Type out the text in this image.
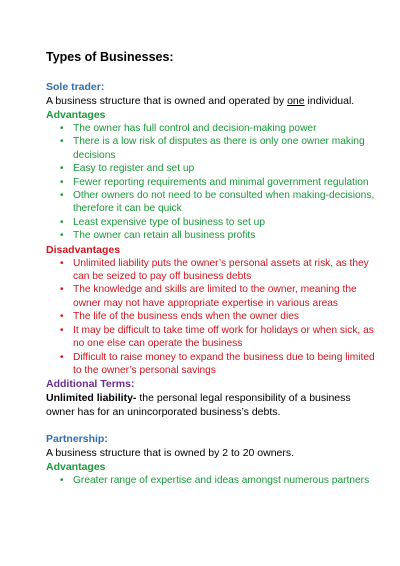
Types of Businesses:
Sole trader:
A business structure that is owned and operated by one individual.
Advantages
• The owner has full control and decision-making power
• There is a low risk of disputes as there is only one owner making decisions
• Easy to register and set up
• Fewer reporting requirements and minimal government regulation
• Other owners do not need to be consulted when making-decisions, therefore it can be quick
• Least expensive type of business to set up
• The owner can retain all business profits
Disadvantages
• Unlimited liability puts the owner’s personal assets at risk, as they can be seized to pay off business debts
• The knowledge and skills are limited to the owner, meaning the owner may not have appropriate expertise in various areas
• The life of the business ends when the owner dies
• It may be difficult to take time off work for holidays or when sick, as no one else can operate the business
• Difficult to raise money to expand the business due to being limited to the owner’s personal savings
Additional Terms:
Unlimited liability- the personal legal responsibility of a business owner has for an unincorporated business’s debts.
Partnership:
A business structure that is owned by 2 to 20 owners.
Advantages
• Greater range of expertise and ideas amongst numerous partners
